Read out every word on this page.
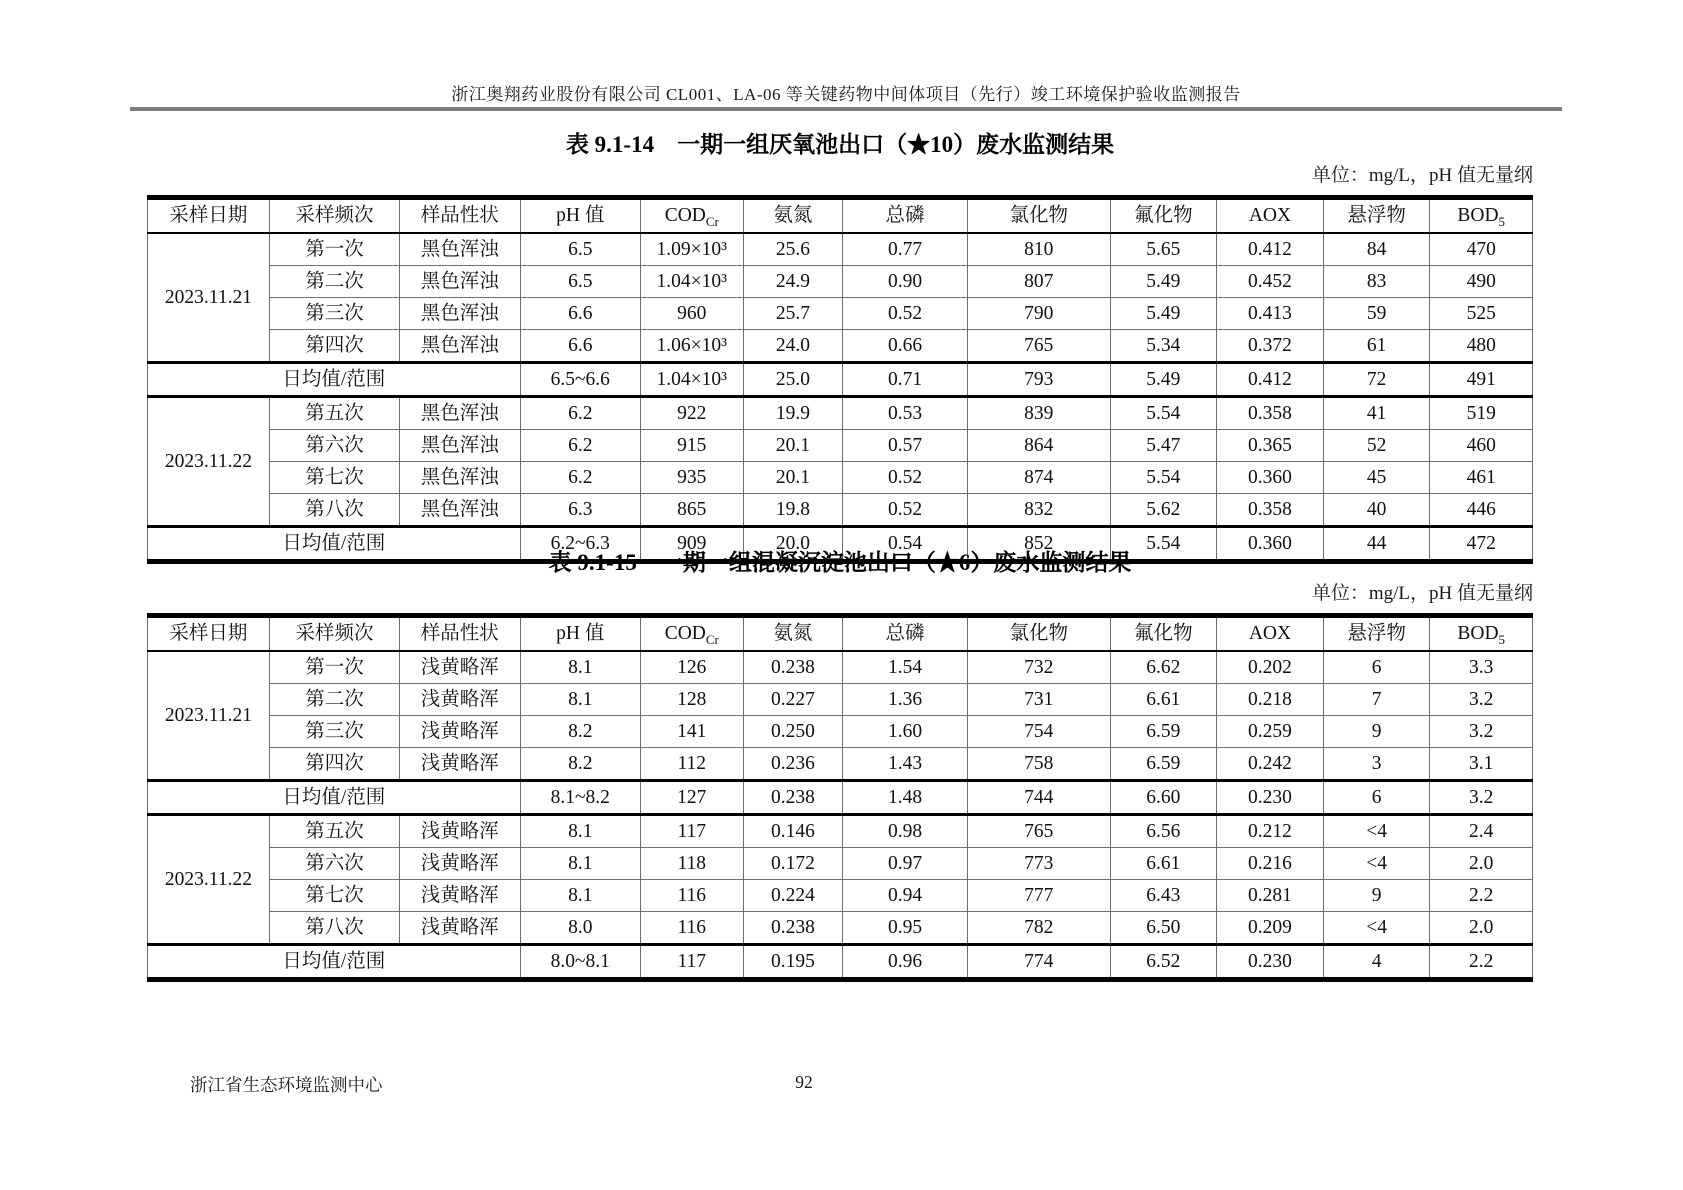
浙江奥翔药业股份有限公司 CL001、LA-06 等关键药物中间体项目（先行）竣工环境保护验收监测报告
表 9.1-14　一期一组厌氧池出口（★10）废水监测结果
单位：mg/L，pH 值无量纲
采样日期	采样频次	样品性状	pH 值	$COD_{Cr}$	氨氮	总磷	氯化物	氟化物	AOX	悬浮物	$BOD_5$
2023.11.21	第一次	黑色浑浊	6.5	1.09×10³	25.6	0.77	810	5.65	0.412	84	470
	第二次	黑色浑浊	6.5	1.04×10³	24.9	0.90	807	5.49	0.452	83	490
	第三次	黑色浑浊	6.6	960	25.7	0.52	790	5.49	0.413	59	525
	第四次	黑色浑浊	6.6	1.06×10³	24.0	0.66	765	5.34	0.372	61	480
日均值/范围			6.5~6.6	1.04×10³	25.0	0.71	793	5.49	0.412	72	491
2023.11.22	第五次	黑色浑浊	6.2	922	19.9	0.53	839	5.54	0.358	41	519
	第六次	黑色浑浊	6.2	915	20.1	0.57	864	5.47	0.365	52	460
	第七次	黑色浑浊	6.2	935	20.1	0.52	874	5.54	0.360	45	461
	第八次	黑色浑浊	6.3	865	19.8	0.52	832	5.62	0.358	40	446
日均值/范围			6.2~6.3	909	20.0	0.54	852	5.54	0.360	44	472
表 9.1-15　一期一组混凝沉淀池出口（★6）废水监测结果
单位：mg/L，pH 值无量纲
采样日期	采样频次	样品性状	pH 值	$COD_{Cr}$	氨氮	总磷	氯化物	氟化物	AOX	悬浮物	$BOD_5$
2023.11.21	第一次	浅黄略浑	8.1	126	0.238	1.54	732	6.62	0.202	6	3.3
	第二次	浅黄略浑	8.1	128	0.227	1.36	731	6.61	0.218	7	3.2
	第三次	浅黄略浑	8.2	141	0.250	1.60	754	6.59	0.259	9	3.2
	第四次	浅黄略浑	8.2	112	0.236	1.43	758	6.59	0.242	3	3.1
日均值/范围			8.1~8.2	127	0.238	1.48	744	6.60	0.230	6	3.2
2023.11.22	第五次	浅黄略浑	8.1	117	0.146	0.98	765	6.56	0.212	<4	2.4
	第六次	浅黄略浑	8.1	118	0.172	0.97	773	6.61	0.216	<4	2.0
	第七次	浅黄略浑	8.1	116	0.224	0.94	777	6.43	0.281	9	2.2
	第八次	浅黄略浑	8.0	116	0.238	0.95	782	6.50	0.209	<4	2.0
日均值/范围			8.0~8.1	117	0.195	0.96	774	6.52	0.230	4	2.2
浙江省生态环境监测中心	92
